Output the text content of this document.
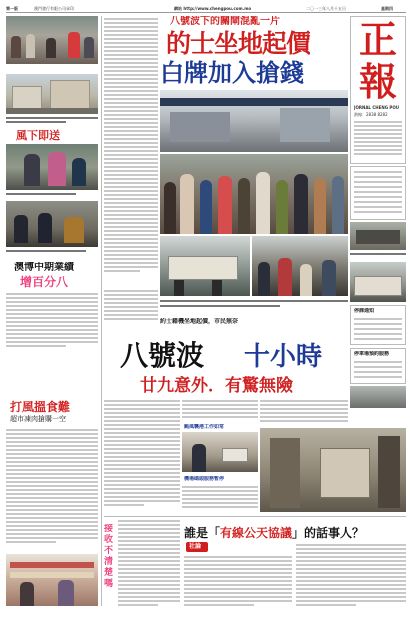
第一版	澳門發行有限公司承印	網站 http://www.chengpou.com.mo	二〇一三年八月十五日	星期四
風下即送
澳博中期業績
增百分八
打風搵食難
超市凍肉搶購一空
八號波下的關閘混亂一片
的士坐地起價
白牌加入搶錢
正
報
JORNAL CHENG POU
熱線：2838 8282
約士藉機坐地起價，市民無奈
停課通知
八號波 十小時
廿九意外．有驚無險
停車場預約服務
颱風襲港工作如常
機場碼頭服務暫停
接收不清楚嗎
誰是「有線公天協議」的話事人？
社論
